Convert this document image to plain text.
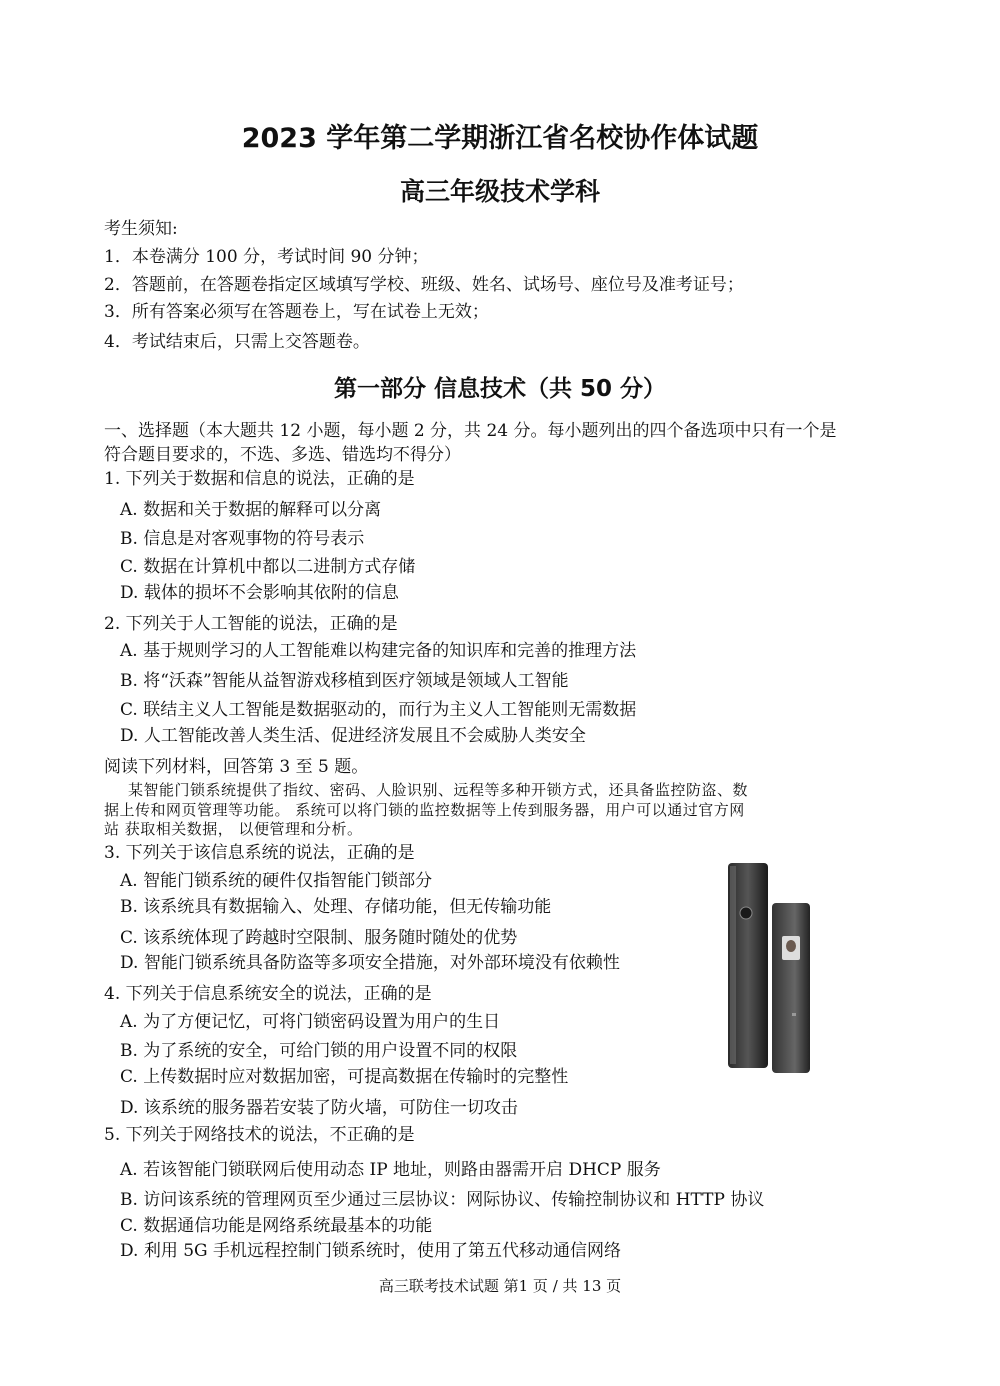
2023 学年第二学期浙江省名校协作体试题
高三年级技术学科
考生须知:
1．本卷满分 100 分，考试时间 90 分钟；
2．答题前，在答题卷指定区域填写学校、班级、姓名、试场号、座位号及准考证号；
3．所有答案必须写在答题卷上，写在试卷上无效；
4．考试结束后，只需上交答题卷。
第一部分 信息技术（共 50 分）
一、选择题（本大题共 12 小题，每小题 2 分，共 24 分。每小题列出的四个备选项中只有一个是
符合题目要求的，不选、多选、错选均不得分）
1. 下列关于数据和信息的说法，正确的是
A. 数据和关于数据的解释可以分离
B. 信息是对客观事物的符号表示
C. 数据在计算机中都以二进制方式存储
D. 载体的损坏不会影响其依附的信息
2. 下列关于人工智能的说法，正确的是
A. 基于规则学习的人工智能难以构建完备的知识库和完善的推理方法
B. 将“沃森”智能从益智游戏移植到医疗领域是领域人工智能
C. 联结主义人工智能是数据驱动的，而行为主义人工智能则无需数据
D. 人工智能改善人类生活、促进经济发展且不会威胁人类安全
阅读下列材料，回答第 3 至 5 题。
某智能门锁系统提供了指纹、密码、人脸识别、远程等多种开锁方式，还具备监控防盗、数
据上传和网页管理等功能。 系统可以将门锁的监控数据等上传到服务器，用户可以通过官方网
站 获取相关数据， 以便管理和分析。
3. 下列关于该信息系统的说法，正确的是
A. 智能门锁系统的硬件仅指智能门锁部分
B. 该系统具有数据输入、处理、存储功能，但无传输功能
C. 该系统体现了跨越时空限制、服务随时随处的优势
D. 智能门锁系统具备防盗等多项安全措施，对外部环境没有依赖性
4. 下列关于信息系统安全的说法，正确的是
A. 为了方便记忆，可将门锁密码设置为用户的生日
B. 为了系统的安全，可给门锁的用户设置不同的权限
C. 上传数据时应对数据加密，可提高数据在传输时的完整性
D. 该系统的服务器若安装了防火墙，可防住一切攻击
5. 下列关于网络技术的说法，不正确的是
A. 若该智能门锁联网后使用动态 IP 地址，则路由器需开启 DHCP 服务
B. 访问该系统的管理网页至少通过三层协议：网际协议、传输控制协议和 HTTP 协议
C. 数据通信功能是网络系统最基本的功能
D. 利用 5G 手机远程控制门锁系统时，使用了第五代移动通信网络
高三联考技术试题 第1 页 / 共 13 页
